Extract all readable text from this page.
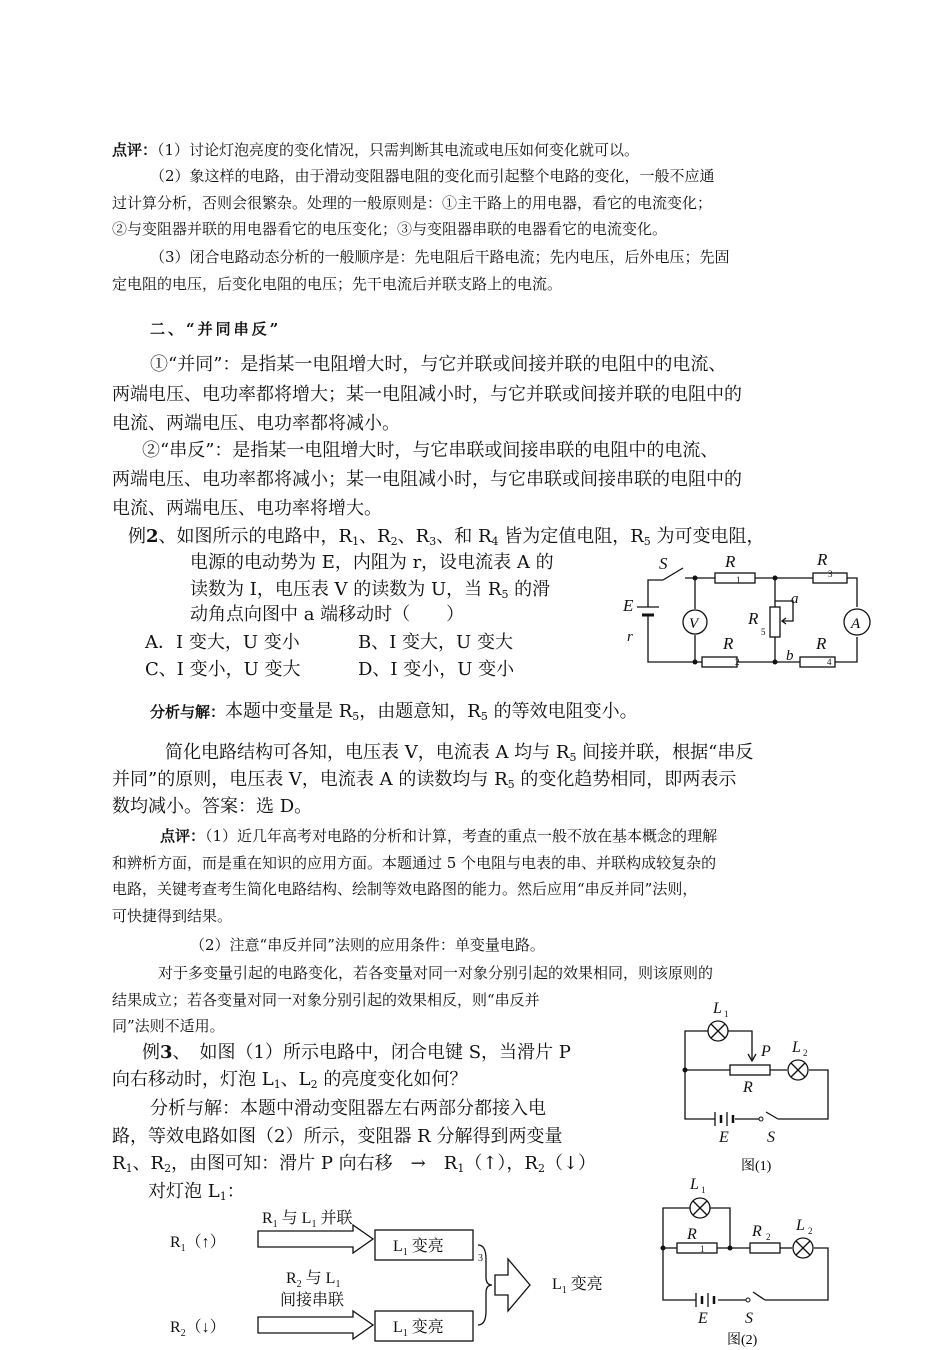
点评：（1）讨论灯泡亮度的变化情况，只需判断其电流或电压如何变化就可以。
（2）象这样的电路，由于滑动变阻器电阻的变化而引起整个电路的变化，一般不应通
过计算分析，否则会很繁杂。处理的一般原则是：①主干路上的用电器，看它的电流变化；
②与变阻器并联的用电器看它的电压变化；③与变阻器串联的电器看它的电流变化。
（3）闭合电路动态分析的一般顺序是：先电阻后干路电流；先内电压，后外电压；先固
定电阻的电压，后变化电阻的电压；先干电流后并联支路上的电流。
二、“并同串反”
①“并同”：是指某一电阻增大时，与它并联或间接并联的电阻中的电流、
两端电压、电功率都将增大；某一电阻减小时，与它并联或间接并联的电阻中的
电流、两端电压、电功率都将减小。
②“串反”：是指某一电阻增大时，与它串联或间接串联的电阻中的电流、
两端电压、电功率都将减小；某一电阻减小时，与它串联或间接串联的电阻中的
电流、两端电压、电功率将增大。
例2、如图所示的电路中，$R_1$、$R_2$、$R_3$、和 $R_4$ 皆为定值电阻，$R_5$ 为可变电阻，
电源的电动势为 E，内阻为 r，设电流表 A 的
读数为 I，电压表 V 的读数为 U，当 $R_5$ 的滑
动角点向图中 a 端移动时（　　）
A．I 变大，U 变小	B、I 变大，U 变大
C、I 变小，U 变大	D、I 变小，U 变小
S
E
r
R	R
R
R	R
a
b
1
3
5
2	4
V	A
分析与解：本题中变量是 $R_5$，由题意知，$R_5$ 的等效电阻变小。
简化电路结构可各知，电压表 V，电流表 A 均与 $R_5$ 间接并联，根据“串反
并同”的原则，电压表 V，电流表 A 的读数均与 $R_5$ 的变化趋势相同，即两表示
数均减小。答案：选 D。
点评：（1）近几年高考对电路的分析和计算，考查的重点一般不放在基本概念的理解
和辨析方面，而是重在知识的应用方面。本题通过 5 个电阻与电表的串、并联构成较复杂的
电路，关键考查考生简化电路结构、绘制等效电路图的能力。然后应用“串反并同”法则，
可快捷得到结果。
（2）注意“串反并同”法则的应用条件：单变量电路。
对于多变量引起的电路变化，若各变量对同一对象分别引起的效果相同，则该原则的
结果成立；若各变量对同一对象分别引起的效果相反，则“串反并
同”法则不适用。
例3、　如图（1）所示电路中，闭合电键 S，当滑片 P
向右移动时，灯泡 $L_1$、$L_2$ 的亮度变化如何？
分析与解：本题中滑动变阻器左右两部分都接入电
路，等效电路如图（2）所示，变阻器 R 分解得到两变量
$R_1$、$R_2$，由图可知：滑片 P 向右移　→　$R_1(↑)$，$R_2(↓)$
对灯泡 $L_1$：
L
P
R
L
E S
1
2
图(1)
L
R	R L
E S
1
1
2
2
图(2)
$R_1(↑)$
$R_2(↓)$
$R_1$ 与 $L_1$ 并联
$R_2$ 与 $L_1$
间接串联
$L_1$ 变亮
$L_1$ 变亮
$L_1$ 变亮
3
